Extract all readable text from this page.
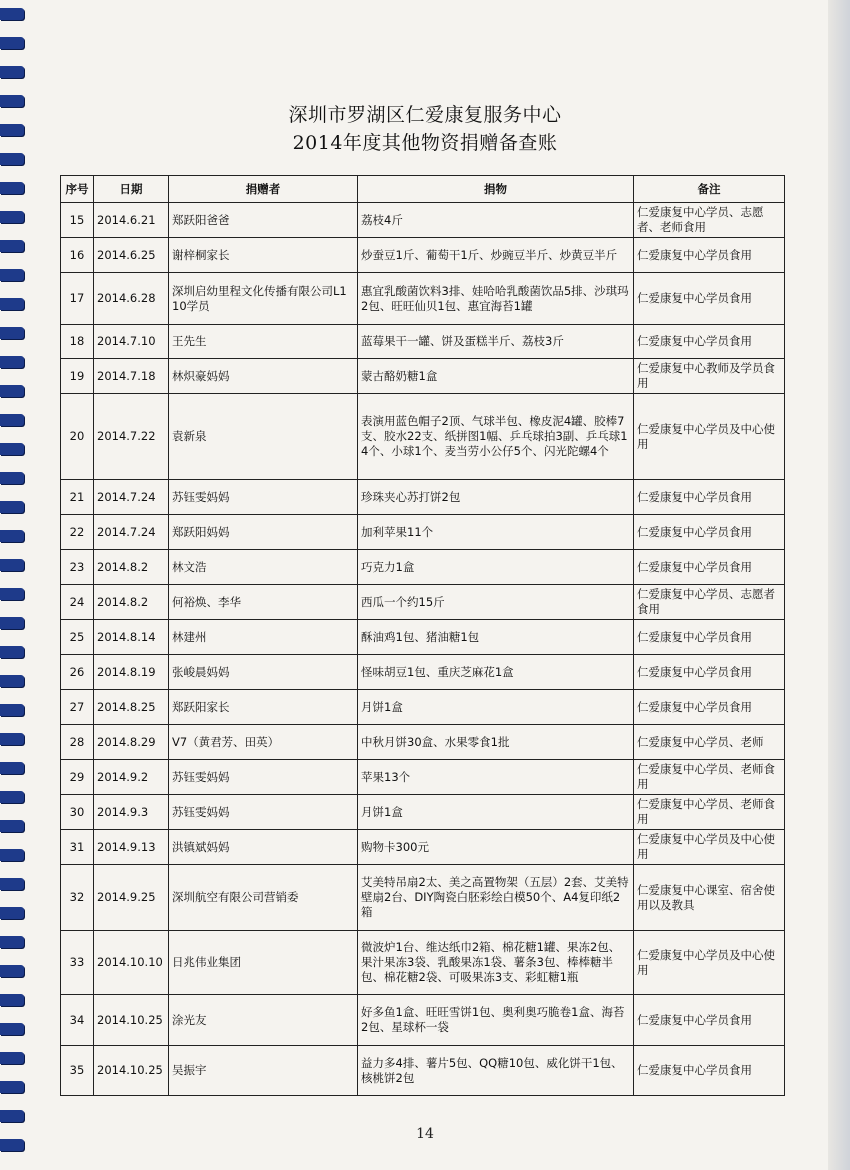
深圳市罗湖区仁爱康复服务中心
2014年度其他物资捐赠备查账
序号	日期	捐赠者	捐物	备注
15	2014.6.21	郑跃阳爸爸	荔枝4斤	仁爱康复中心学员、志愿者、老师食用
16	2014.6.25	谢梓桐家长	炒蚕豆1斤、葡萄干1斤、炒豌豆半斤、炒黄豆半斤	仁爱康复中心学员食用
17	2014.6.28	深圳启幼里程文化传播有限公司L110学员	惠宜乳酸菌饮料3排、娃哈哈乳酸菌饮品5排、沙琪玛2包、旺旺仙贝1包、惠宜海苔1罐	仁爱康复中心学员食用
18	2014.7.10	王先生	蓝莓果干一罐、饼及蛋糕半斤、荔枝3斤	仁爱康复中心学员食用
19	2014.7.18	林炽豪妈妈	蒙古酪奶糖1盒	仁爱康复中心教师及学员食用
20	2014.7.22	袁新泉	表演用蓝色帽子2顶、气球半包、橡皮泥4罐、胶棒7支、胶水22支、纸拼图1幅、乒乓球拍3副、乒乓球14个、小球1个、麦当劳小公仔5个、闪光陀螺4个	仁爱康复中心学员及中心使用
21	2014.7.24	苏钰雯妈妈	珍珠夹心苏打饼2包	仁爱康复中心学员食用
22	2014.7.24	郑跃阳妈妈	加利苹果11个	仁爱康复中心学员食用
23	2014.8.2	林文浩	巧克力1盒	仁爱康复中心学员食用
24	2014.8.2	何裕焕、李华	西瓜一个约15斤	仁爱康复中心学员、志愿者食用
25	2014.8.14	林建州	酥油鸡1包、猪油糖1包	仁爱康复中心学员食用
26	2014.8.19	张峻晨妈妈	怪味胡豆1包、重庆芝麻花1盒	仁爱康复中心学员食用
27	2014.8.25	郑跃阳家长	月饼1盒	仁爱康复中心学员食用
28	2014.8.29	V7（黄君芳、田英）	中秋月饼30盒、水果零食1批	仁爱康复中心学员、老师
29	2014.9.2	苏钰雯妈妈	苹果13个	仁爱康复中心学员、老师食用
30	2014.9.3	苏钰雯妈妈	月饼1盒	仁爱康复中心学员、老师食用
31	2014.9.13	洪镇斌妈妈	购物卡300元	仁爱康复中心学员及中心使用
32	2014.9.25	深圳航空有限公司营销委	艾美特吊扇2太、美之高置物架（五层）2套、艾美特壁扇2台、DIY陶瓷白胚彩绘白模50个、A4复印纸2箱	仁爱康复中心课室、宿舍使用以及教具
33	2014.10.10	日兆伟业集团	微波炉1台、维达纸巾2箱、棉花糖1罐、果冻2包、果汁果冻3袋、乳酸果冻1袋、薯条3包、棒棒糖半包、棉花糖2袋、可吸果冻3支、彩虹糖1瓶	仁爱康复中心学员及中心使用
34	2014.10.25	涂光友	好多鱼1盒、旺旺雪饼1包、奥利奥巧脆卷1盒、海苔2包、星球杯一袋	仁爱康复中心学员食用
35	2014.10.25	吴振宇	益力多4排、薯片5包、QQ糖10包、威化饼干1包、核桃饼2包	仁爱康复中心学员食用
14
